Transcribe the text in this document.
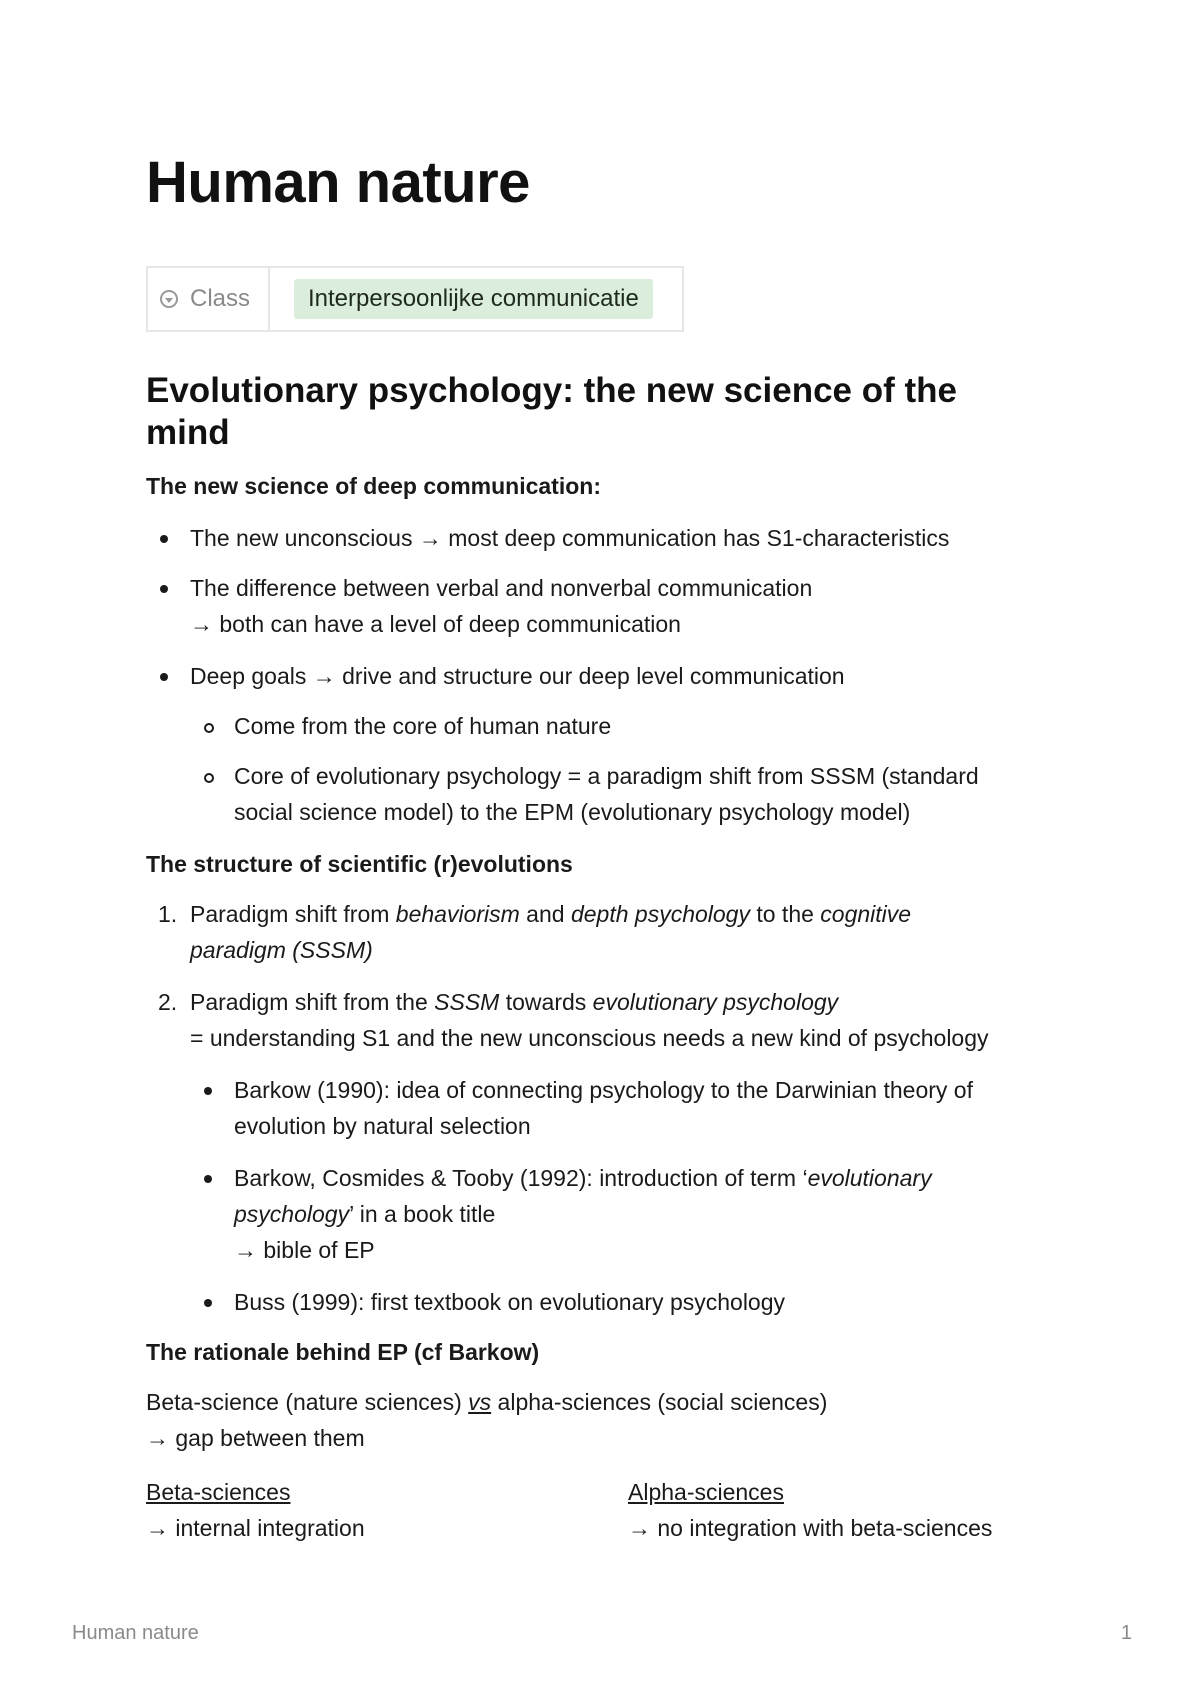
Human nature
Class	Interpersoonlijke communicatie
Evolutionary psychology: the new science of the mind
The new science of deep communication:
The new unconscious → most deep communication has S1-characteristics
The difference between verbal and nonverbal communication
→ both can have a level of deep communication
Deep goals → drive and structure our deep level communication
Come from the core of human nature
Core of evolutionary psychology = a paradigm shift from SSSM (standard
social science model) to the EPM (evolutionary psychology model)
The structure of scientific (r)evolutions
1. Paradigm shift from behaviorism and depth psychology to the cognitive
paradigm (SSSM)
2. Paradigm shift from the SSSM towards evolutionary psychology
= understanding S1 and the new unconscious needs a new kind of psychology
Barkow (1990): idea of connecting psychology to the Darwinian theory of
evolution by natural selection
Barkow, Cosmides & Tooby (1992): introduction of term ‘evolutionary
psychology’ in a book title
→ bible of EP
Buss (1999): first textbook on evolutionary psychology
The rationale behind EP (cf Barkow)
Beta-science (nature sciences) vs alpha-sciences (social sciences)
→ gap between them
Beta-sciences
→ internal integration
Alpha-sciences
→ no integration with beta-sciences
Human nature	1
